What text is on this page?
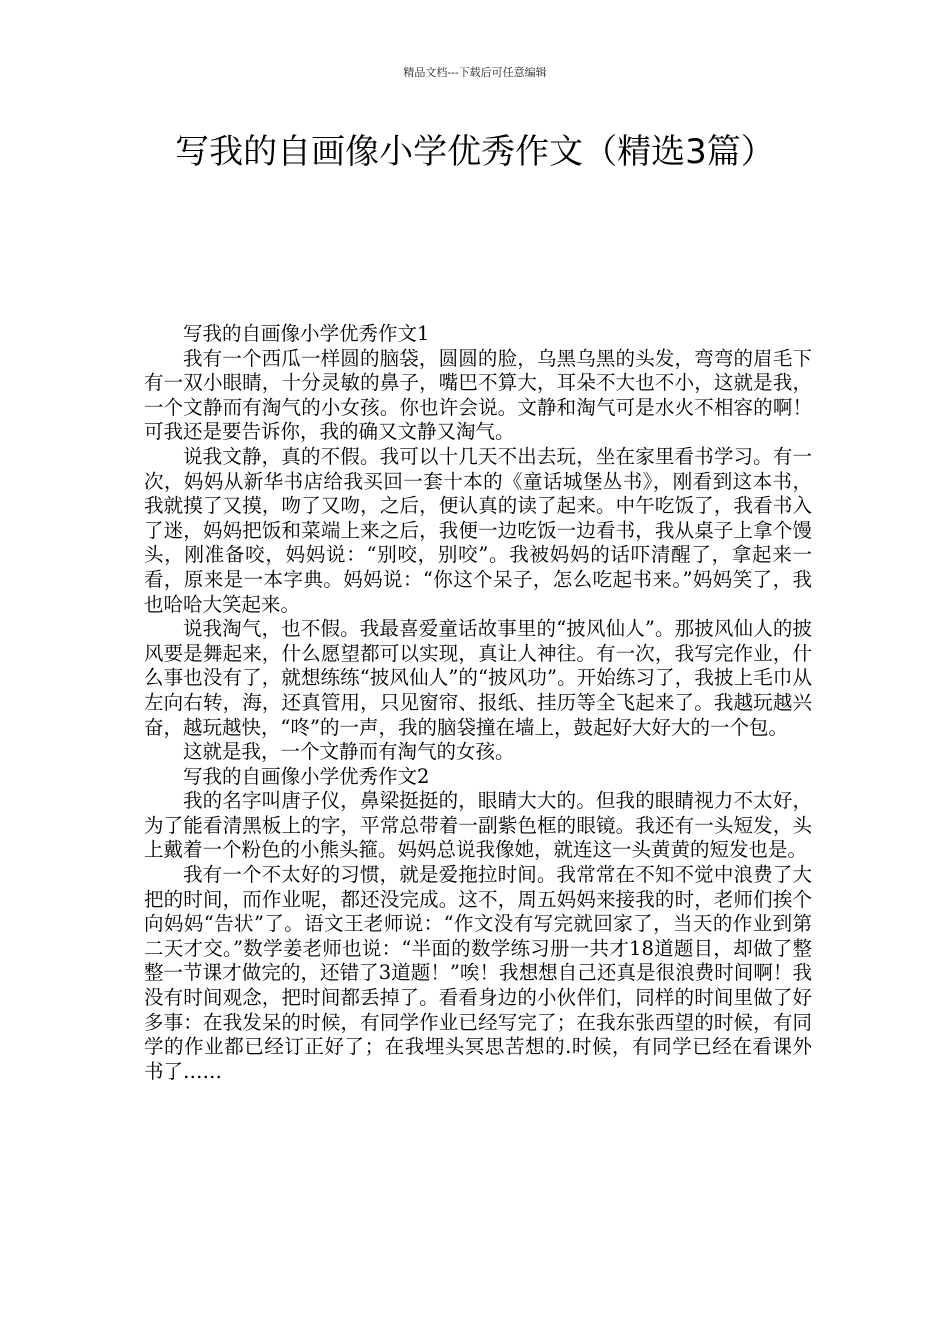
精品文档---下载后可任意编辑
写我的自画像小学优秀作文（精选3篇）

写我的自画像小学优秀作文1

我有一个西瓜一样圆的脑袋，圆圆的脸，乌黑乌黑的头发，弯弯的眉毛下有一双小眼睛，十分灵敏的鼻子，嘴巴不算大，耳朵不大也不小，这就是我，一个文静而有淘气的小女孩。你也许会说。文静和淘气可是水火不相容的啊！可我还是要告诉你，我的确又文静又淘气。

说我文静，真的不假。我可以十几天不出去玩，坐在家里看书学习。有一次，妈妈从新华书店给我买回一套十本的《童话城堡丛书》，刚看到这本书，我就摸了又摸，吻了又吻，之后，便认真的读了起来。中午吃饭了，我看书入了迷，妈妈把饭和菜端上来之后，我便一边吃饭一边看书，我从桌子上拿个馒头，刚准备咬，妈妈说：“别咬，别咬”。我被妈妈的话吓清醒了，拿起来一看，原来是一本字典。妈妈说：“你这个呆子，怎么吃起书来。”妈妈笑了，我也哈哈大笑起来。

说我淘气，也不假。我最喜爱童话故事里的“披风仙人”。那披风仙人的披风要是舞起来，什么愿望都可以实现，真让人神往。有一次，我写完作业，什么事也没有了，就想练练“披风仙人”的“披风功”。开始练习了，我披上毛巾从左向右转，海，还真管用，只见窗帘、报纸、挂历等全飞起来了。我越玩越兴奋，越玩越快，“咚”的一声，我的脑袋撞在墙上，鼓起好大好大的一个包。

这就是我，一个文静而有淘气的女孩。

写我的自画像小学优秀作文2

我的名字叫唐子仪，鼻梁挺挺的，眼睛大大的。但我的眼睛视力不太好，为了能看清黑板上的字，平常总带着一副紫色框的眼镜。我还有一头短发，头上戴着一个粉色的小熊头箍。妈妈总说我像她，就连这一头黄黄的短发也是。

我有一个不太好的习惯，就是爱拖拉时间。我常常在不知不觉中浪费了大把的时间，而作业呢，都还没完成。这不，周五妈妈来接我的时，老师们挨个向妈妈“告状”了。语文王老师说：“作文没有写完就回家了，当天的作业到第二天才交。”数学姜老师也说：“半面的数学练习册一共才18道题目，却做了整整一节课才做完的，还错了3道题！”唉！我想想自己还真是很浪费时间啊！我没有时间观念，把时间都丢掉了。看看身边的小伙伴们，同样的时间里做了好多事：在我发呆的时候，有同学作业已经写完了；在我东张西望的时候，有同学的作业都已经订正好了；在我埋头冥思苦想的.时候，有同学已经在看课外书了……
